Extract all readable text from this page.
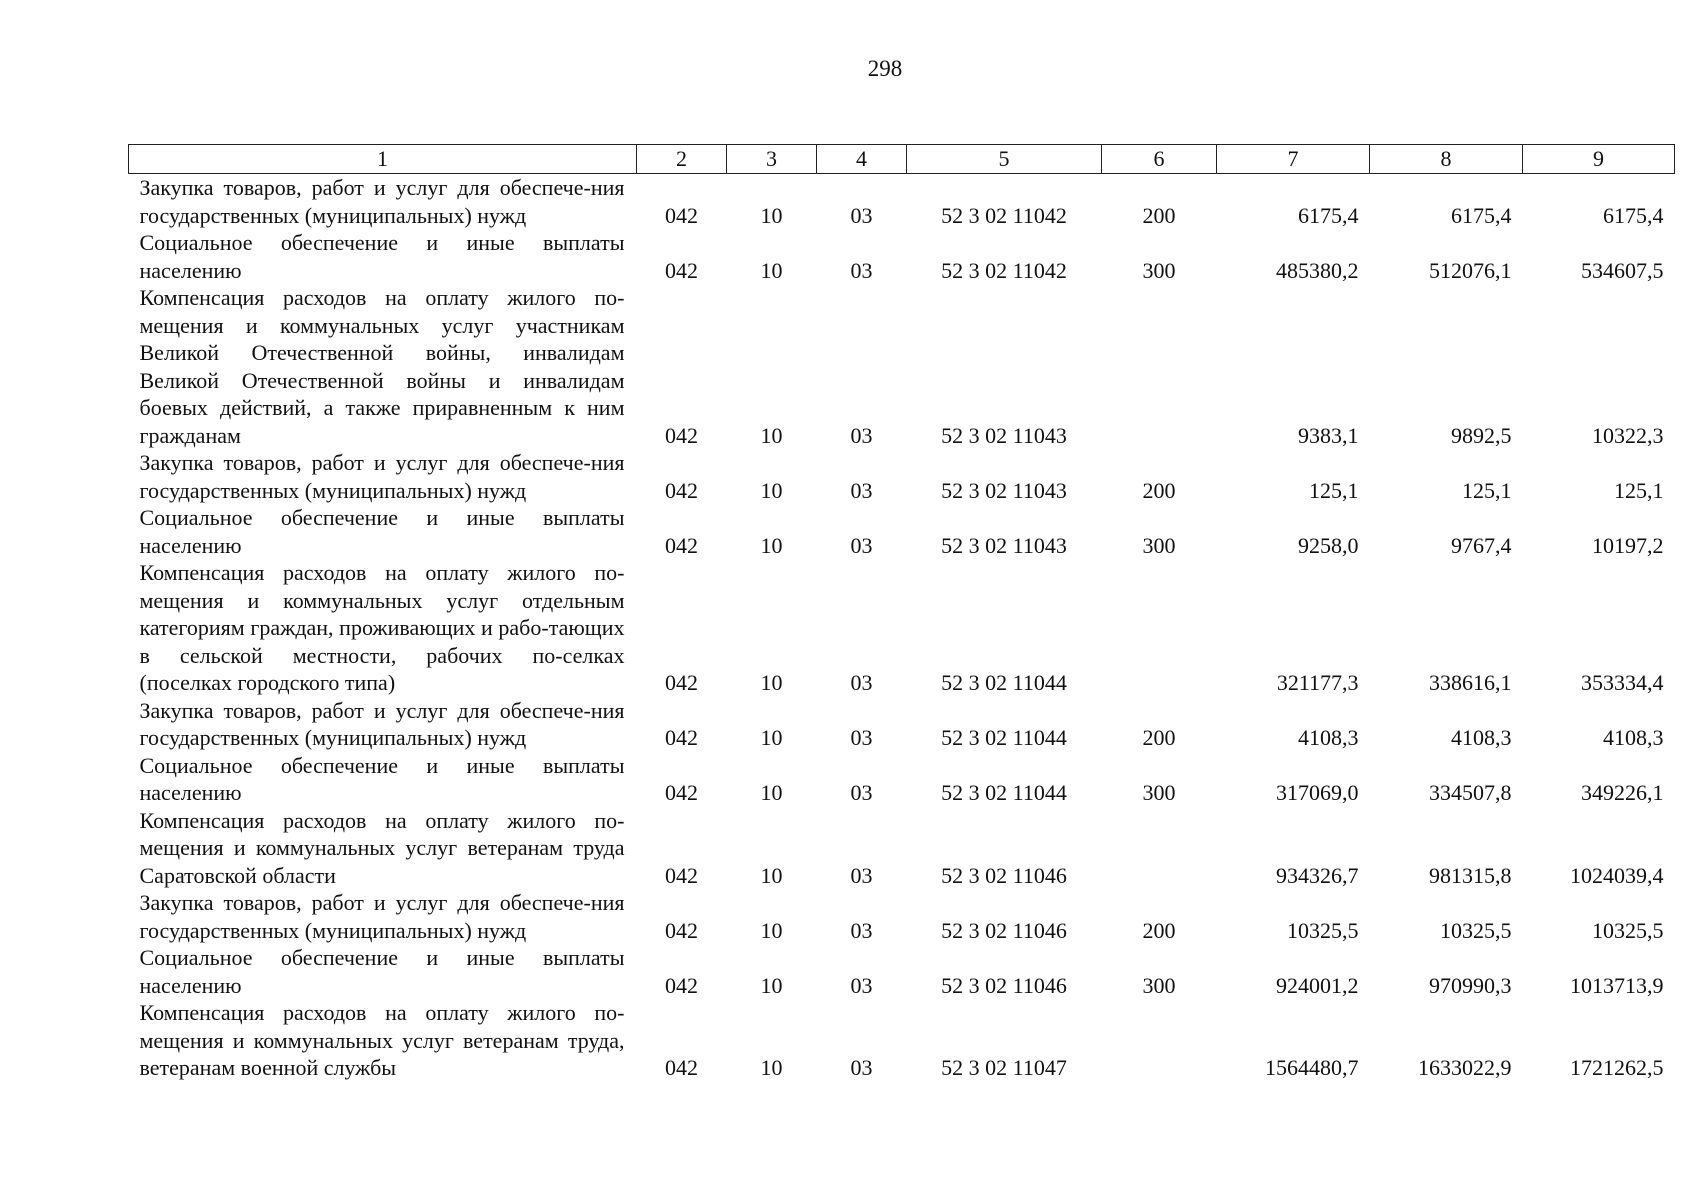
298
1	2	3	4	5	6	7	8	9
Закупка товаров, работ и услуг для обеспече-ния государственных (муниципальных) нужд	042	10	03	52 3 02 11042	200	6175,4	6175,4	6175,4
Социальное обеспечение и иные выплаты населению	042	10	03	52 3 02 11042	300	485380,2	512076,1	534607,5
Компенсация расходов на оплату жилого по-мещения и коммунальных услуг участникам Великой Отечественной войны, инвалидам Великой Отечественной войны и инвалидам боевых действий, а также приравненным к ним гражданам	042	10	03	52 3 02 11043		9383,1	9892,5	10322,3
Закупка товаров, работ и услуг для обеспече-ния государственных (муниципальных) нужд	042	10	03	52 3 02 11043	200	125,1	125,1	125,1
Социальное обеспечение и иные выплаты населению	042	10	03	52 3 02 11043	300	9258,0	9767,4	10197,2
Компенсация расходов на оплату жилого по-мещения и коммунальных услуг отдельным категориям граждан, проживающих и рабо-тающих в сельской местности, рабочих по-селках (поселках городского типа)	042	10	03	52 3 02 11044		321177,3	338616,1	353334,4
Закупка товаров, работ и услуг для обеспече-ния государственных (муниципальных) нужд	042	10	03	52 3 02 11044	200	4108,3	4108,3	4108,3
Социальное обеспечение и иные выплаты населению	042	10	03	52 3 02 11044	300	317069,0	334507,8	349226,1
Компенсация расходов на оплату жилого по-мещения и коммунальных услуг ветеранам труда Саратовской области	042	10	03	52 3 02 11046		934326,7	981315,8	1024039,4
Закупка товаров, работ и услуг для обеспече-ния государственных (муниципальных) нужд	042	10	03	52 3 02 11046	200	10325,5	10325,5	10325,5
Социальное обеспечение и иные выплаты населению	042	10	03	52 3 02 11046	300	924001,2	970990,3	1013713,9
Компенсация расходов на оплату жилого по-мещения и коммунальных услуг ветеранам труда, ветеранам военной службы	042	10	03	52 3 02 11047		1564480,7	1633022,9	1721262,5
